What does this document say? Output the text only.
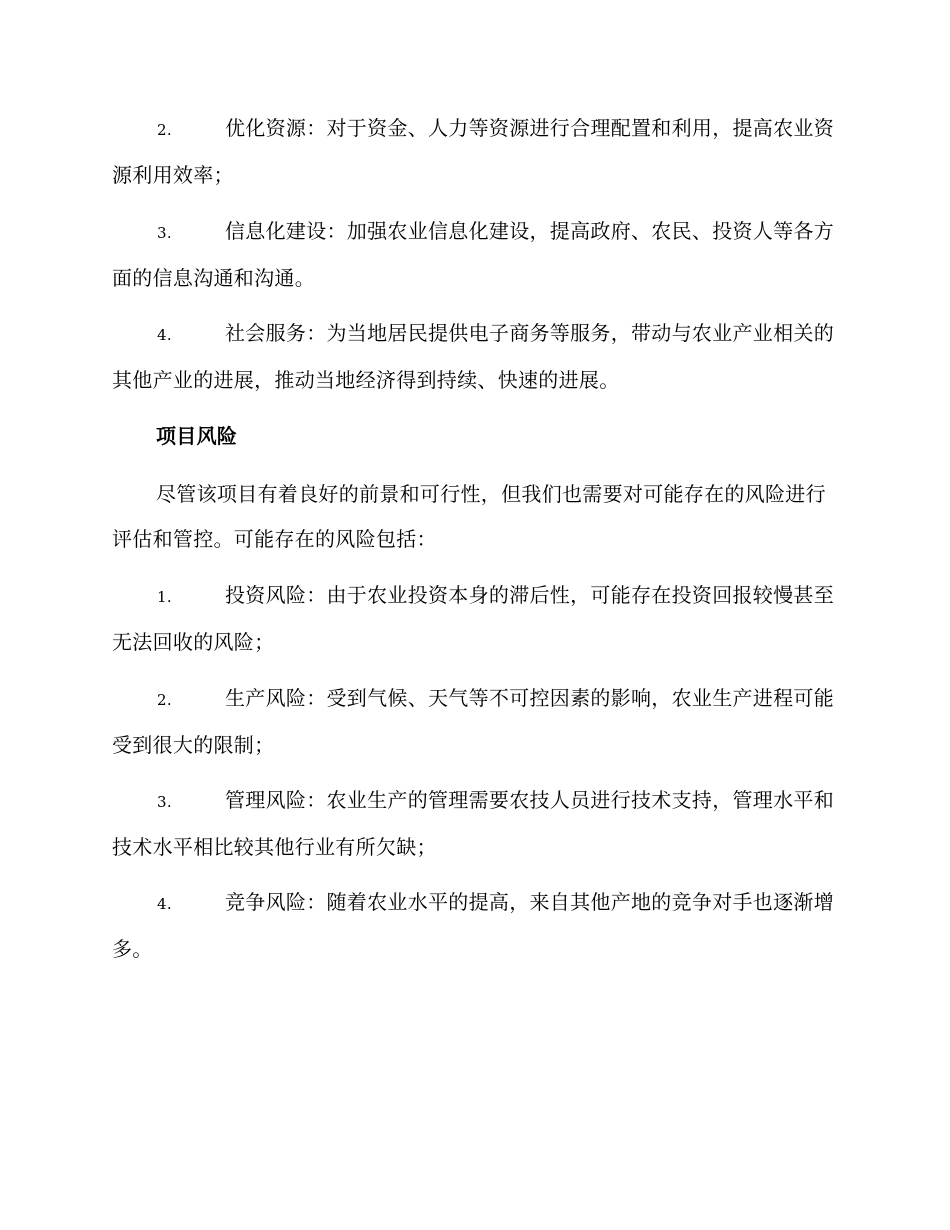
2.	优化资源：对于资金、人力等资源进行合理配置和利用，提高农业资源利用效率；
3.	信息化建设：加强农业信息化建设，提高政府、农民、投资人等各方面的信息沟通和沟通。
4.	社会服务：为当地居民提供电子商务等服务，带动与农业产业相关的其他产业的进展，推动当地经济得到持续、快速的进展。
项目风险
尽管该项目有着良好的前景和可行性，但我们也需要对可能存在的风险进行评估和管控。可能存在的风险包括：
1.	投资风险：由于农业投资本身的滞后性，可能存在投资回报较慢甚至无法回收的风险；
2.	生产风险：受到气候、天气等不可控因素的影响，农业生产进程可能受到很大的限制；
3.	管理风险：农业生产的管理需要农技人员进行技术支持，管理水平和技术水平相比较其他行业有所欠缺；
4.	竞争风险：随着农业水平的提高，来自其他产地的竞争对手也逐渐增多。
